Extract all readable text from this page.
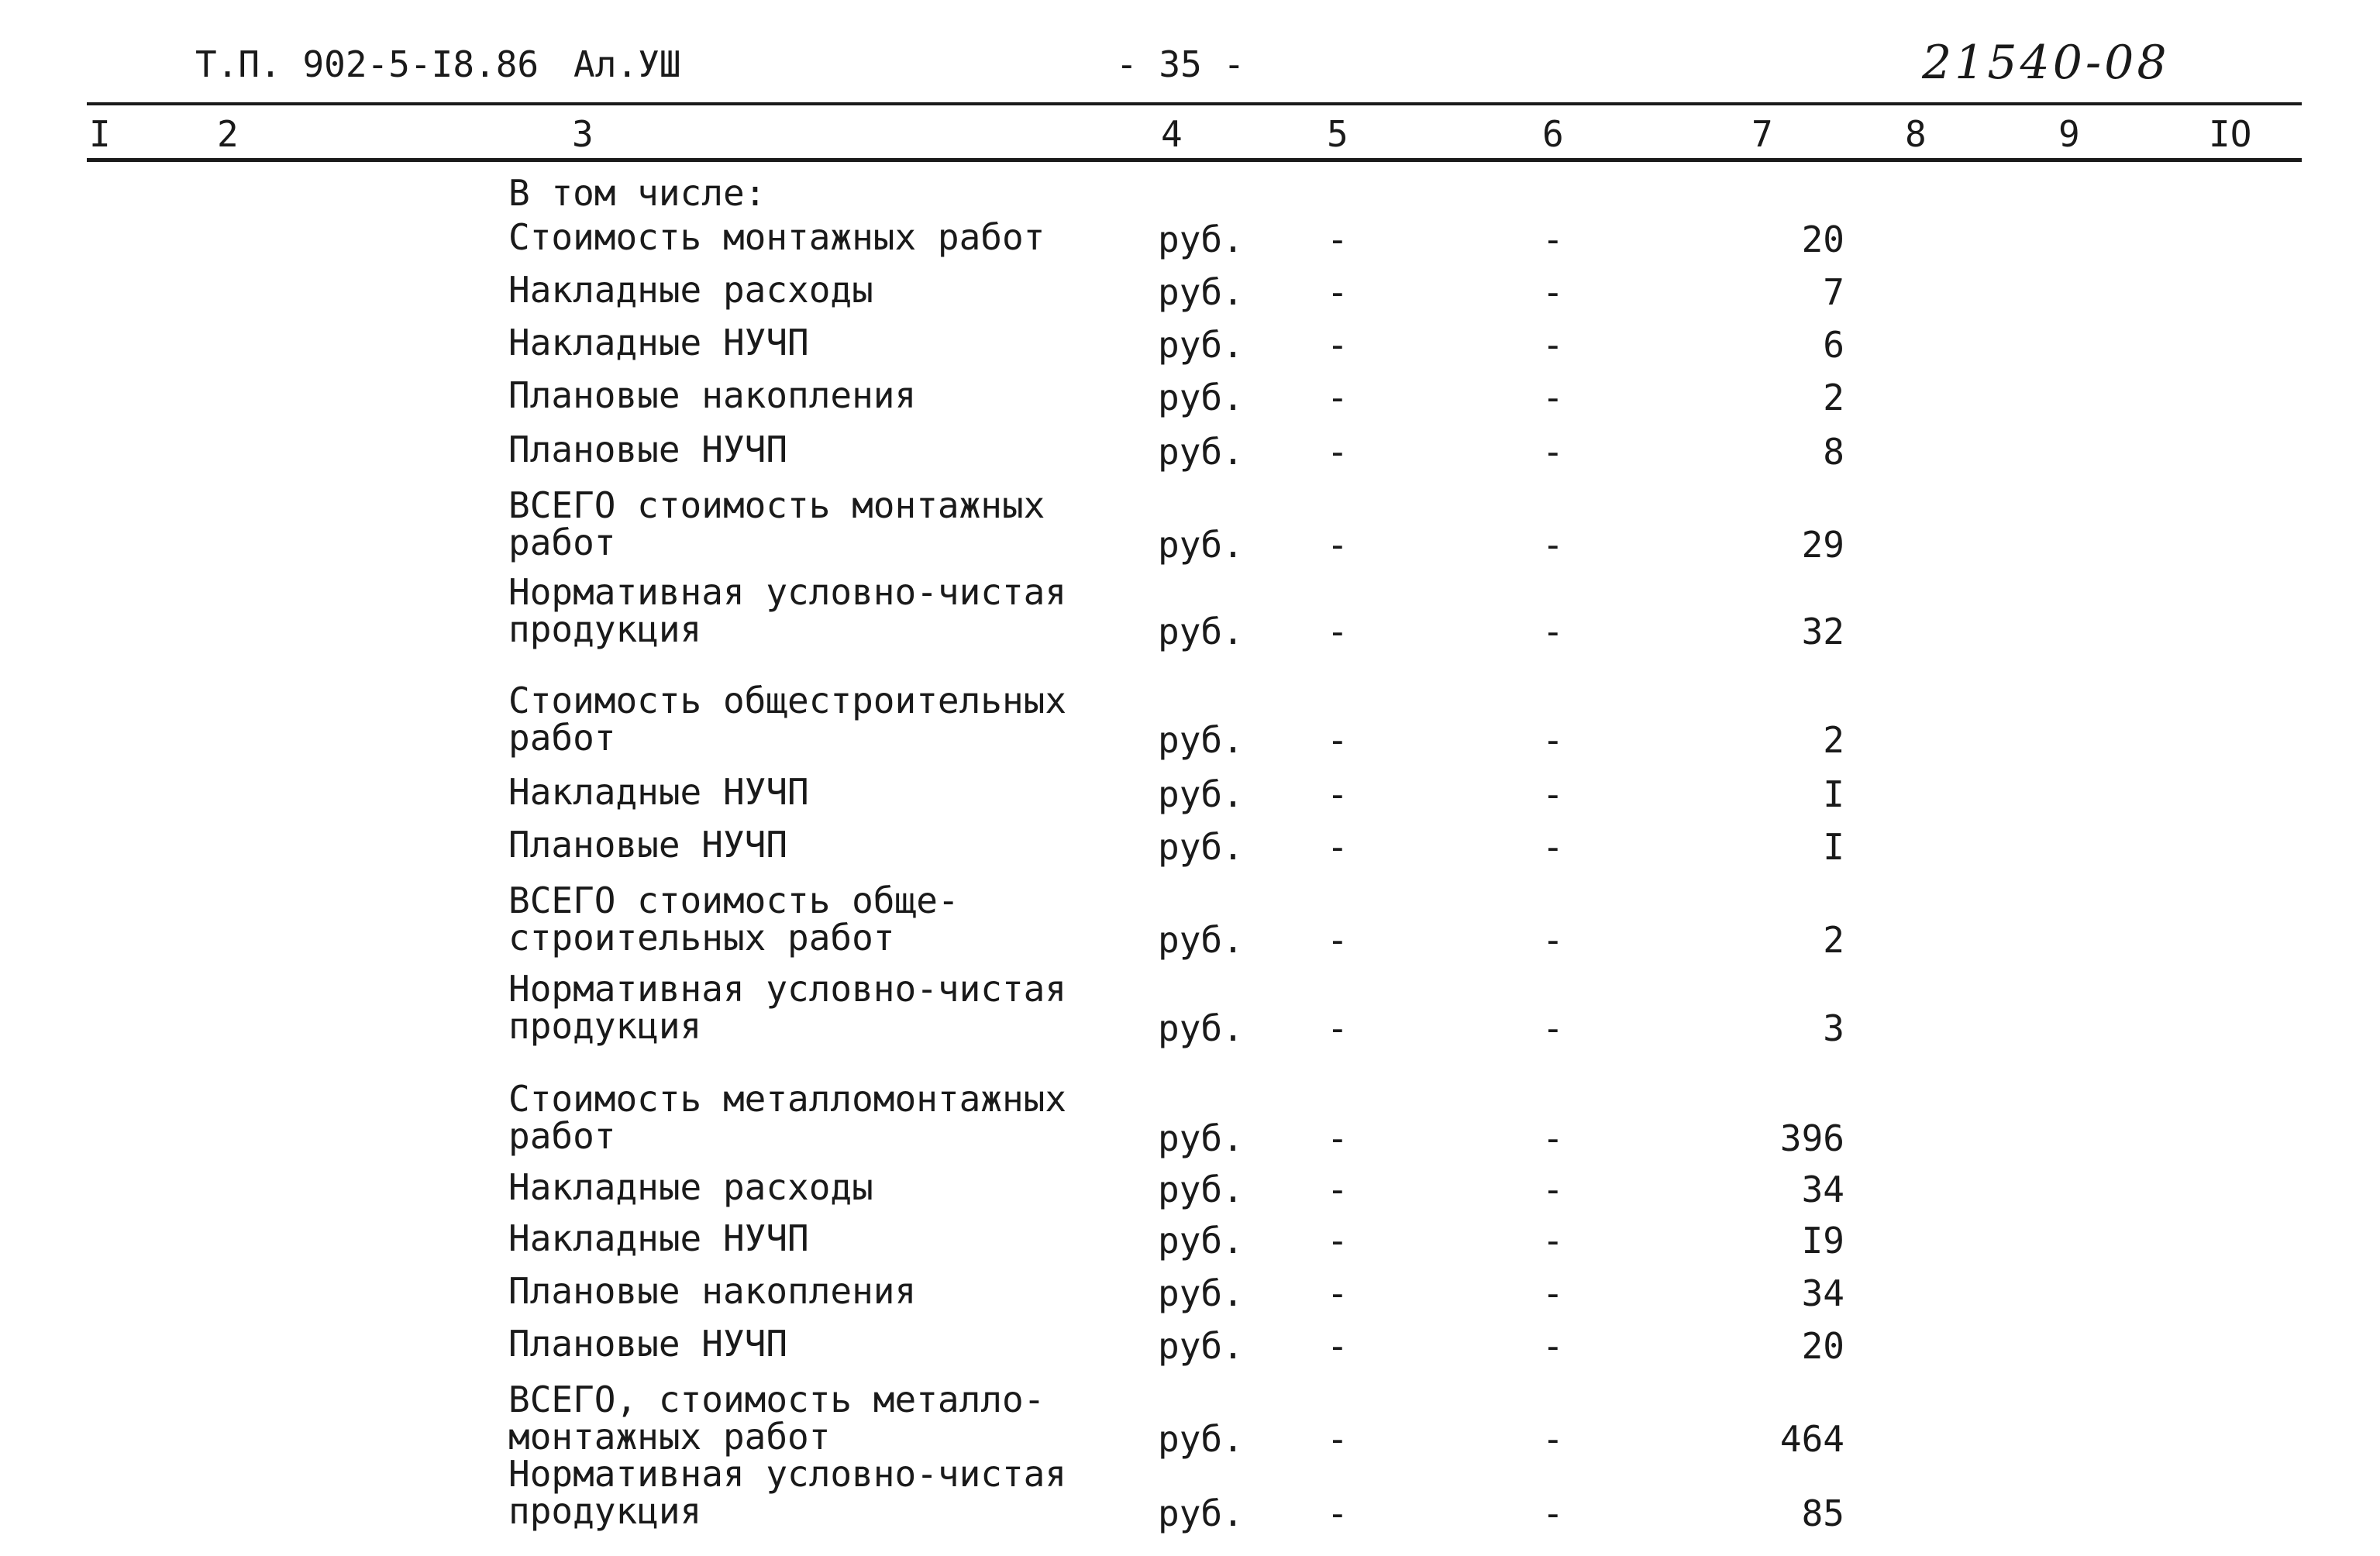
Т.П. 902-5-I8.86 Ал.УШ	- 35 -	21540-08
I	2	3	4	5	6	7	8	9	IO
В том числе:
Стоимость монтажных работ	руб. -	-	20
Накладные расходы	руб. -	-	7
Накладные НУЧП	руб. -	-	6
Плановые накопления	руб. -	-	2
Плановые НУЧП	руб. -	-	8
ВСЕГО стоимость монтажных
работ	руб. -	-	29
Нормативная условно-чистая
продукция	руб. -	-	32
Стоимость общестроительных
работ	руб. -	-	2
Накладные НУЧП	руб. -	-	I
Плановые НУЧП	руб. -	-	I
ВСЕГО стоимость обще-
строительных работ	руб. -	-	2
Нормативная условно-чистая
продукция	руб. -	-	3
Стоимость металломонтажных
работ	руб. -	-	396
Накладные расходы	руб. -	-	34
Накладные НУЧП	руб. -	-	I9
Плановые накопления	руб. -	-	34
Плановые НУЧП	руб. -	-	20
ВСЕГО, стоимость металло-
монтажных работ	руб. -	-	464
Нормативная условно-чистая
продукция	руб. -	-	85
